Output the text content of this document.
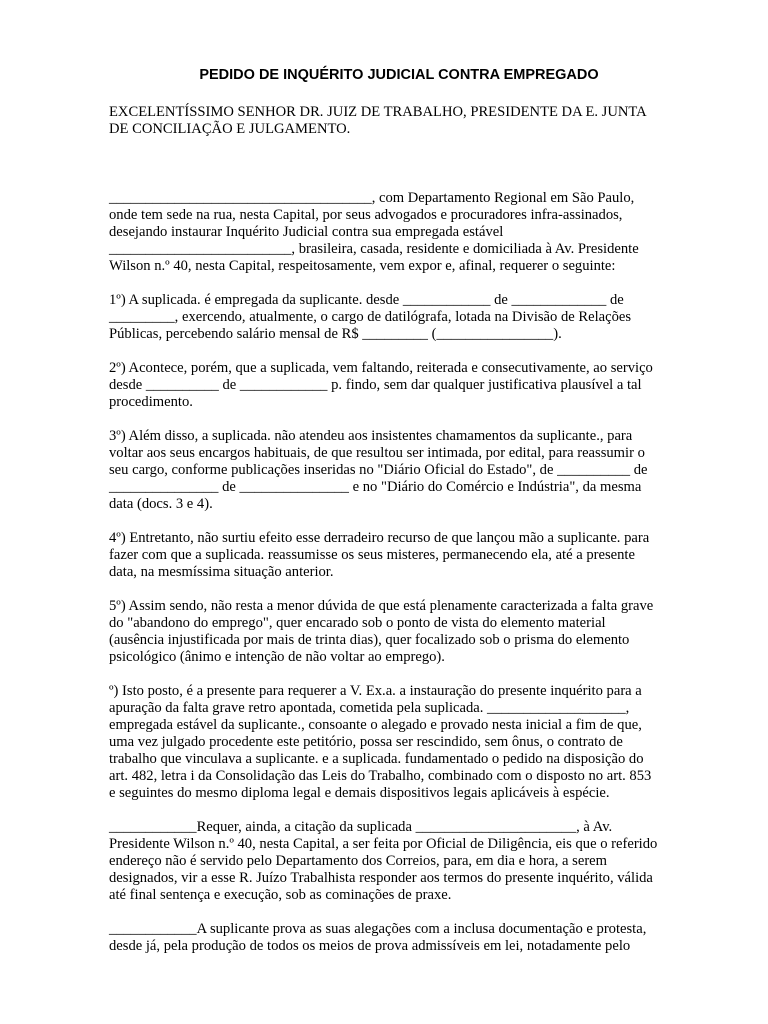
PEDIDO DE INQUÉRITO JUDICIAL CONTRA EMPREGADO

EXCELENTÍSSIMO SENHOR DR. JUIZ DE TRABALHO, PRESIDENTE DA E. JUNTA
DE CONCILIAÇÃO E JULGAMENTO.

____________________________________, com Departamento Regional em São Paulo,
onde tem sede na rua, nesta Capital, por seus advogados e procuradores infra-assinados,
desejando instaurar Inquérito Judicial contra sua empregada estável
_________________________, brasileira, casada, residente e domiciliada à Av. Presidente
Wilson n.º 40, nesta Capital, respeitosamente, vem expor e, afinal, requerer o seguinte:

1º) A suplicada. é empregada da suplicante. desde ____________ de _____________ de
_________, exercendo, atualmente, o cargo de datilógrafa, lotada na Divisão de Relações
Públicas, percebendo salário mensal de R$ _________ (________________).

2º) Acontece, porém, que a suplicada, vem faltando, reiterada e consecutivamente, ao serviço
desde __________ de ____________ p. findo, sem dar qualquer justificativa plausível a tal
procedimento.

3º) Além disso, a suplicada. não atendeu aos insistentes chamamentos da suplicante., para
voltar aos seus encargos habituais, de que resultou ser intimada, por edital, para reassumir o
seu cargo, conforme publicações inseridas no "Diário Oficial do Estado", de __________ de
_______________ de _______________ e no "Diário do Comércio e Indústria", da mesma
data (docs. 3 e 4).

4º) Entretanto, não surtiu efeito esse derradeiro recurso de que lançou mão a suplicante. para
fazer com que a suplicada. reassumisse os seus misteres, permanecendo ela, até a presente
data, na mesmíssima situação anterior.

5º) Assim sendo, não resta a menor dúvida de que está plenamente caracterizada a falta grave
do "abandono do emprego", quer encarado sob o ponto de vista do elemento material
(ausência injustificada por mais de trinta dias), quer focalizado sob o prisma do elemento
psicológico (ânimo e intenção de não voltar ao emprego).

º) Isto posto, é a presente para requerer a V. Ex.a. a instauração do presente inquérito para a
apuração da falta grave retro apontada, cometida pela suplicada. ___________________,
empregada estável da suplicante., consoante o alegado e provado nesta inicial a fim de que,
uma vez julgado procedente este petitório, possa ser rescindido, sem ônus, o contrato de
trabalho que vinculava a suplicante. e a suplicada. fundamentado o pedido na disposição do
art. 482, letra i da Consolidação das Leis do Trabalho, combinado com o disposto no art. 853
e seguintes do mesmo diploma legal e demais dispositivos legais aplicáveis à espécie.

____________Requer, ainda, a citação da suplicada ______________________, à Av.
Presidente Wilson n.º 40, nesta Capital, a ser feita por Oficial de Diligência, eis que o referido
endereço não é servido pelo Departamento dos Correios, para, em dia e hora, a serem
designados, vir a esse R. Juízo Trabalhista responder aos termos do presente inquérito, válida
até final sentença e execução, sob as cominações de praxe.

____________A suplicante prova as suas alegações com a inclusa documentação e protesta,
desde já, pela produção de todos os meios de prova admissíveis em lei, notadamente pelo
